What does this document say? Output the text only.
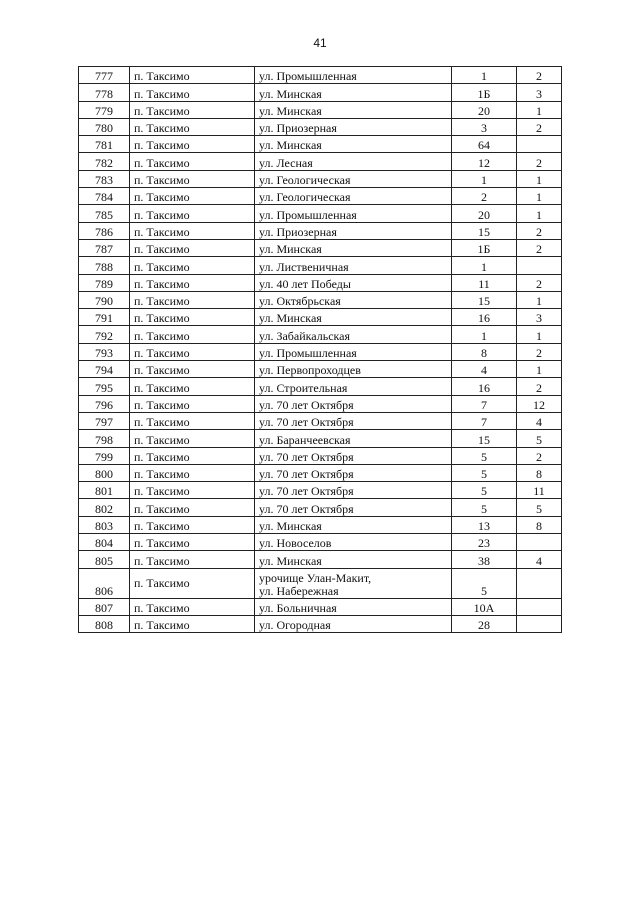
41
777	п. Таксимо	ул. Промышленная	1	2
778	п. Таксимо	ул. Минская	1Б	3
779	п. Таксимо	ул. Минская	20	1
780	п. Таксимо	ул. Приозерная	3	2
781	п. Таксимо	ул. Минская	64	
782	п. Таксимо	ул. Лесная	12	2
783	п. Таксимо	ул. Геологическая	1	1
784	п. Таксимо	ул. Геологическая	2	1
785	п. Таксимо	ул. Промышленная	20	1
786	п. Таксимо	ул. Приозерная	15	2
787	п. Таксимо	ул. Минская	1Б	2
788	п. Таксимо	ул. Лиственичная	1	
789	п. Таксимо	ул. 40 лет Победы	11	2
790	п. Таксимо	ул. Октябрьская	15	1
791	п. Таксимо	ул. Минская	16	3
792	п. Таксимо	ул. Забайкальская	1	1
793	п. Таксимо	ул. Промышленная	8	2
794	п. Таксимо	ул. Первопроходцев	4	1
795	п. Таксимо	ул. Строительная	16	2
796	п. Таксимо	ул. 70 лет Октября	7	12
797	п. Таксимо	ул. 70 лет Октября	7	4
798	п. Таксимо	ул. Баранчеевская	15	5
799	п. Таксимо	ул. 70 лет Октября	5	2
800	п. Таксимо	ул. 70 лет Октября	5	8
801	п. Таксимо	ул. 70 лет Октября	5	11
802	п. Таксимо	ул. 70 лет Октября	5	5
803	п. Таксимо	ул. Минская	13	8
804	п. Таксимо	ул. Новоселов	23	
805	п. Таксимо	ул. Минская	38	4
806	п. Таксимо	урочище Улан-Макит,
ул. Набережная	5	
807	п. Таксимо	ул. Больничная	10А	
808	п. Таксимо	ул. Огородная	28	
